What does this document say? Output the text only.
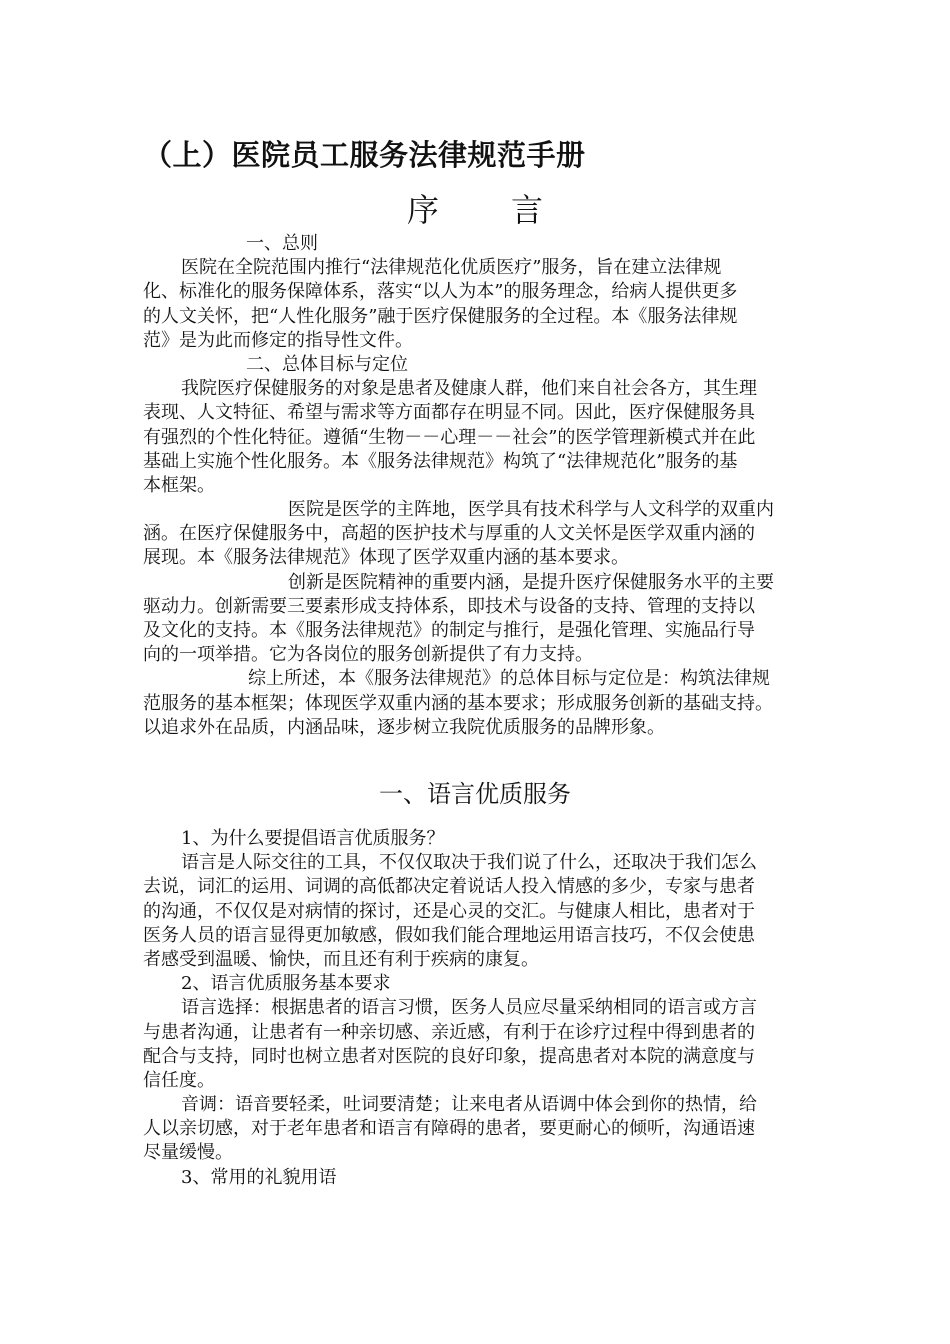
（上）医院员工服务法律规范手册
序 言
一、总则
医院在全院范围内推行“法律规范化优质医疗”服务，旨在建立法律规
化、标准化的服务保障体系，落实“以人为本”的服务理念，给病人提供更多
的人文关怀，把“人性化服务”融于医疗保健服务的全过程。本《服务法律规
范》是为此而修定的指导性文件。
二、总体目标与定位
我院医疗保健服务的对象是患者及健康人群，他们来自社会各方，其生理
表现、人文特征、希望与需求等方面都存在明显不同。因此，医疗保健服务具
有强烈的个性化特征。遵循“生物－－心理－－社会”的医学管理新模式并在此
基础上实施个性化服务。本《服务法律规范》构筑了“法律规范化”服务的基
本框架。
医院是医学的主阵地，医学具有技术科学与人文科学的双重内
涵。在医疗保健服务中，高超的医护技术与厚重的人文关怀是医学双重内涵的
展现。本《服务法律规范》体现了医学双重内涵的基本要求。
创新是医院精神的重要内涵，是提升医疗保健服务水平的主要
驱动力。创新需要三要素形成支持体系，即技术与设备的支持、管理的支持以
及文化的支持。本《服务法律规范》的制定与推行，是强化管理、实施品行导
向的一项举措。它为各岗位的服务创新提供了有力支持。
综上所述，本《服务法律规范》的总体目标与定位是：构筑法律规
范服务的基本框架；体现医学双重内涵的基本要求；形成服务创新的基础支持。
以追求外在品质，内涵品味，逐步树立我院优质服务的品牌形象。
一、语言优质服务
1、为什么要提倡语言优质服务？
语言是人际交往的工具，不仅仅取决于我们说了什么，还取决于我们怎么
去说，词汇的运用、词调的高低都决定着说话人投入情感的多少，专家与患者
的沟通，不仅仅是对病情的探讨，还是心灵的交汇。与健康人相比，患者对于
医务人员的语言显得更加敏感，假如我们能合理地运用语言技巧，不仅会使患
者感受到温暖、愉快，而且还有利于疾病的康复。
2、语言优质服务基本要求
语言选择：根据患者的语言习惯，医务人员应尽量采纳相同的语言或方言
与患者沟通，让患者有一种亲切感、亲近感，有利于在诊疗过程中得到患者的
配合与支持，同时也树立患者对医院的良好印象，提高患者对本院的满意度与
信任度。
音调：语音要轻柔，吐词要清楚；让来电者从语调中体会到你的热情，给
人以亲切感，对于老年患者和语言有障碍的患者，要更耐心的倾听，沟通语速
尽量缓慢。
3、常用的礼貌用语
